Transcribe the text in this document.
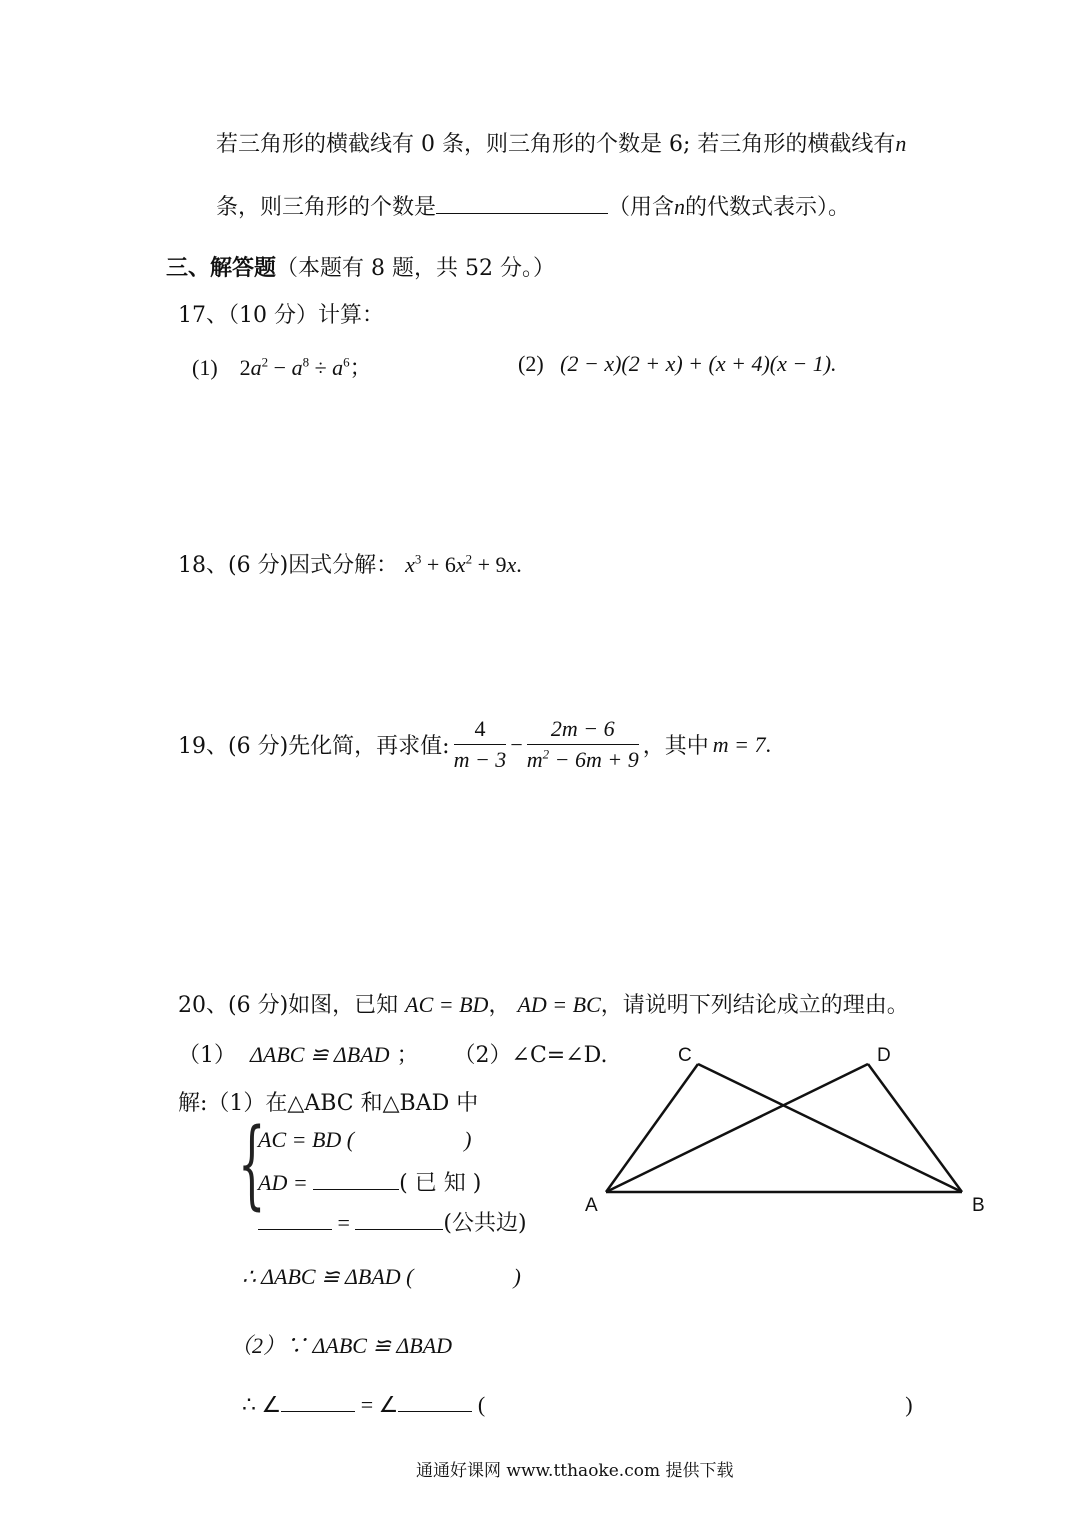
若三角形的横截线有 0 条，则三角形的个数是 6; 若三角形的横截线有n
条，则三角形的个数是	（用含n的代数式表示）。
三、解答题（本题有 8 题，共 52 分。）
17、（10 分）计算：
(1) $2a^2 - a^8 \div a^6$；	(2) (2 − x)(2 + x) + (x + 4)(x − 1).
18、(6 分)因式分解： $x^3 + 6x^2 + 9x$.
19、(6 分)先化简，再求值: $\frac{4}{m - 3} - \frac{2m - 6}{m^2 - 6m + 9}$ ，其中 m = 7 .
20、(6 分)如图，已知 AC = BD， AD = BC，请说明下列结论成立的理由。
（1） ΔABC ≌ ΔBAD ； （2）∠C=∠D.
解:（1）在△ABC 和△BAD 中
{
AC = BD (	)
AD =	( 已 知 )
=	(公共边)
∴ ΔABC ≌ ΔBAD (	)
（2）∵ ΔABC ≌ ΔBAD
∴ ∠	= ∠	(	)
C	D
A	B
通通好课网 www.tthaoke.com 提供下载
